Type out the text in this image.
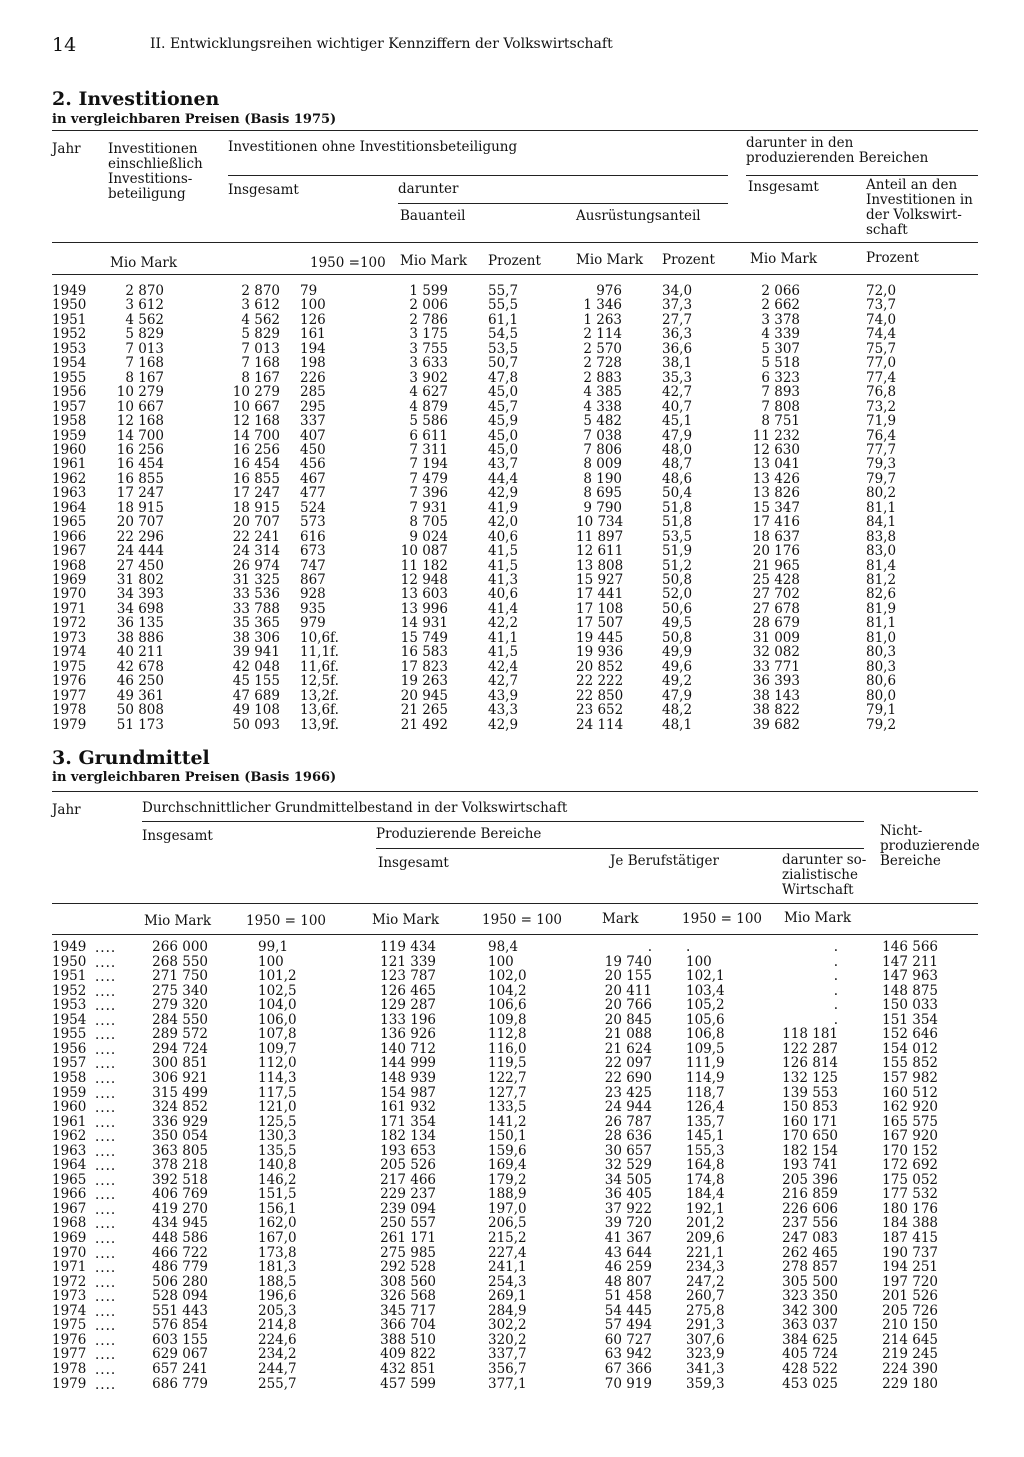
14	II. Entwicklungsreihen wichtiger Kennziffern der Volkswirtschaft
2. Investitionen
in vergleichbaren Preisen (Basis 1975)
Jahr Investitionen
einschließlich
Investitions-
beteiligung
Investitionen ohne Investitionsbeteiligung	darunter in den
produzierenden Bereichen
Insgesamt	darunter	Insgesamt	Anteil an den
Investitionen in
der Volkswirt-
schaft
Bauanteil	Ausrüstungsanteil
Mio Mark	1950 =100 Mio Mark Prozent	Mio Mark Prozent	Mio Mark	Prozent
1949	2 870	2 870 79	1 599	55,7	976	34,0	2 066	72,0
1950	3 612	3 612 100	2 006	55,5	1 346	37,3	2 662	73,7
1951	4 562	4 562 126	2 786	61,1	1 263	27,7	3 378	74,0
1952	5 829	5 829 161	3 175	54,5	2 114	36,3	4 339	74,4
1953	7 013	7 013 194	3 755	53,5	2 570	36,6	5 307	75,7
1954	7 168	7 168 198	3 633	50,7	2 728	38,1	5 518	77,0
1955	8 167	8 167 226	3 902	47,8	2 883	35,3	6 323	77,4
1956	10 279	10 279 285	4 627	45,0	4 385	42,7	7 893	76,8
1957	10 667	10 667 295	4 879	45,7	4 338	40,7	7 808	73,2
1958	12 168	12 168 337	5 586	45,9	5 482	45,1	8 751	71,9
1959	14 700	14 700 407	6 611	45,0	7 038	47,9	11 232	76,4
1960	16 256	16 256 450	7 311	45,0	7 806	48,0	12 630	77,7
1961	16 454	16 454 456	7 194	43,7	8 009	48,7	13 041	79,3
1962	16 855	16 855 467	7 479	44,4	8 190	48,6	13 426	79,7
1963	17 247	17 247 477	7 396	42,9	8 695	50,4	13 826	80,2
1964	18 915	18 915 524	7 931	41,9	9 790	51,8	15 347	81,1
1965	20 707	20 707 573	8 705	42,0	10 734	51,8	17 416	84,1
1966	22 296	22 241 616	9 024	40,6	11 897	53,5	18 637	83,8
1967	24 444	24 314 673	10 087	41,5	12 611	51,9	20 176	83,0
1968	27 450	26 974 747	11 182	41,5	13 808	51,2	21 965	81,4
1969	31 802	31 325 867	12 948	41,3	15 927	50,8	25 428	81,2
1970	34 393	33 536 928	13 603	40,6	17 441	52,0	27 702	82,6
1971	34 698	33 788 935	13 996	41,4	17 108	50,6	27 678	81,9
1972	36 135	35 365 979	14 931	42,2	17 507	49,5	28 679	81,1
1973	38 886	38 306 10,6f.	15 749	41,1	19 445	50,8	31 009	81,0
1974	40 211	39 941 11,1f.	16 583	41,5	19 936	49,9	32 082	80,3
1975	42 678	42 048 11,6f.	17 823	42,4	20 852	49,6	33 771	80,3
1976	46 250	45 155 12,5f.	19 263	42,7	22 222	49,2	36 393	80,6
1977	49 361	47 689 13,2f.	20 945	43,9	22 850	47,9	38 143	80,0
1978	50 808	49 108 13,6f.	21 265	43,3	23 652	48,2	38 822	79,1
1979	51 173	50 093 13,9f.	21 492	42,9	24 114	48,1	39 682	79,2
3. Grundmittel
in vergleichbaren Preisen (Basis 1966)
Jahr	Durchschnittlicher Grundmittelbestand in der Volkswirtschaft
Insgesamt	Produzierende Bereiche	Nicht-
produzierende
Bereiche
Insgesamt	Je Berufstätiger	darunter so-
zialistische
Wirtschaft
Mio Mark	1950 = 100	Mio Mark	1950 = 100	Mark	1950 = 100 Mio Mark
1949	266 000	99,1	119 434	98,4	.	.	.	146 566
....
1950	268 550	100	121 339	100	19 740	100	.	147 211
....
1951	271 750	101,2	123 787	102,0	20 155	102,1	.	147 963
....
1952	275 340	102,5	126 465	104,2	20 411	103,4	.	148 875
....
1953	279 320	104,0	129 287	106,6	20 766	105,2	.	150 033
....
1954	284 550	106,0	133 196	109,8	20 845	105,6	.	151 354
....
1955	289 572	107,8	136 926	112,8	21 088	106,8	118 181	152 646
....
1956	294 724	109,7	140 712	116,0	21 624	109,5	122 287	154 012
....
1957	300 851	112,0	144 999	119,5	22 097	111,9	126 814	155 852
....
1958	306 921	114,3	148 939	122,7	22 690	114,9	132 125	157 982
....
1959	315 499	117,5	154 987	127,7	23 425	118,7	139 553	160 512
....
1960	324 852	121,0	161 932	133,5	24 944	126,4	150 853	162 920
....
1961	336 929	125,5	171 354	141,2	26 787	135,7	160 171	165 575
....
1962	350 054	130,3	182 134	150,1	28 636	145,1	170 650	167 920
....
1963	363 805	135,5	193 653	159,6	30 657	155,3	182 154	170 152
....
1964	378 218	140,8	205 526	169,4	32 529	164,8	193 741	172 692
....
1965	392 518	146,2	217 466	179,2	34 505	174,8	205 396	175 052
....
1966	406 769	151,5	229 237	188,9	36 405	184,4	216 859	177 532
....
1967	419 270	156,1	239 094	197,0	37 922	192,1	226 606	180 176
....
1968	434 945	162,0	250 557	206,5	39 720	201,2	237 556	184 388
....
1969	448 586	167,0	261 171	215,2	41 367	209,6	247 083	187 415
....
1970	466 722	173,8	275 985	227,4	43 644	221,1	262 465	190 737
....
1971	486 779	181,3	292 528	241,1	46 259	234,3	278 857	194 251
....
1972	506 280	188,5	308 560	254,3	48 807	247,2	305 500	197 720
....
1973	528 094	196,6	326 568	269,1	51 458	260,7	323 350	201 526
....
1974	551 443	205,3	345 717	284,9	54 445	275,8	342 300	205 726
....
1975	576 854	214,8	366 704	302,2	57 494	291,3	363 037	210 150
....
1976	603 155	224,6	388 510	320,2	60 727	307,6	384 625	214 645
....
1977	629 067	234,2	409 822	337,7	63 942	323,9	405 724	219 245
....
1978	657 241	244,7	432 851	356,7	67 366	341,3	428 522	224 390
....
1979	686 779	255,7	457 599	377,1	70 919	359,3	453 025	229 180
....
